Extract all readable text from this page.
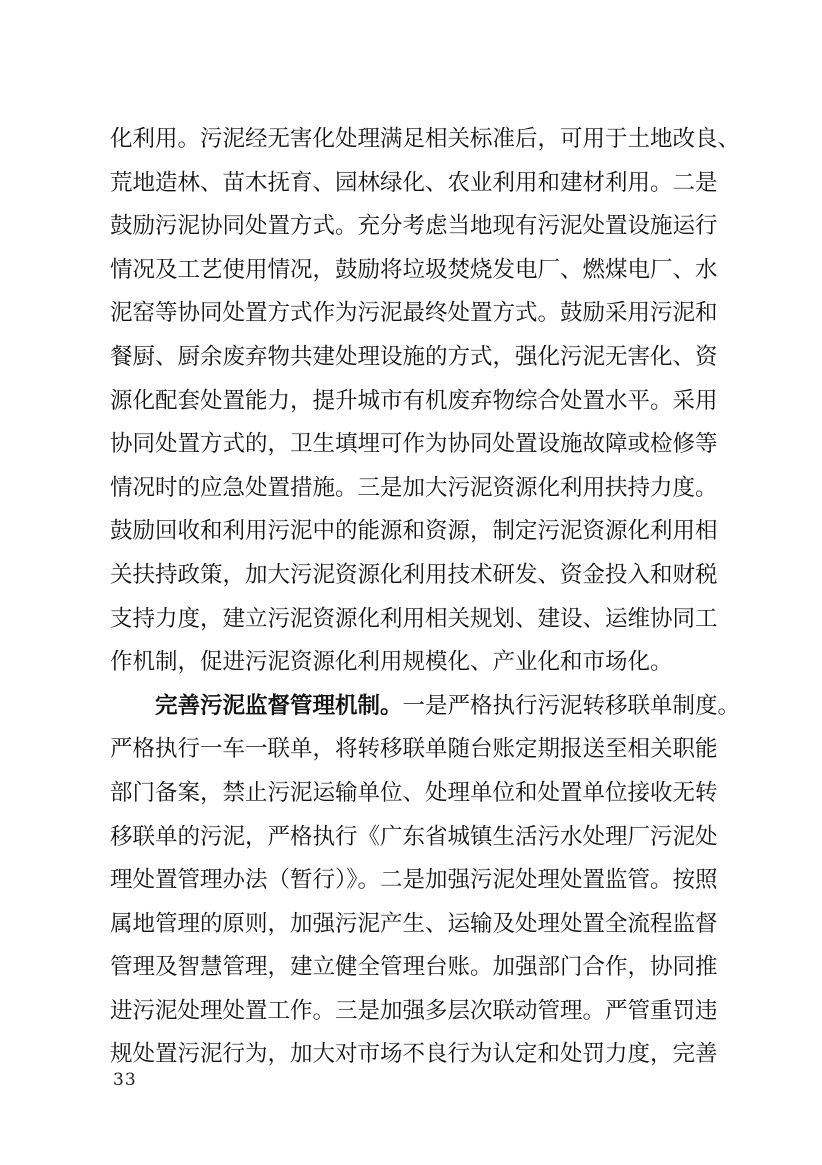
化利用。污泥经无害化处理满足相关标准后，可用于土地改良、
荒地造林、苗木抚育、园林绿化、农业利用和建材利用。二是
鼓励污泥协同处置方式。充分考虑当地现有污泥处置设施运行
情况及工艺使用情况，鼓励将垃圾焚烧发电厂、燃煤电厂、水
泥窑等协同处置方式作为污泥最终处置方式。鼓励采用污泥和
餐厨、厨余废弃物共建处理设施的方式，强化污泥无害化、资
源化配套处置能力，提升城市有机废弃物综合处置水平。采用
协同处置方式的，卫生填埋可作为协同处置设施故障或检修等
情况时的应急处置措施。三是加大污泥资源化利用扶持力度。
鼓励回收和利用污泥中的能源和资源，制定污泥资源化利用相
关扶持政策，加大污泥资源化利用技术研发、资金投入和财税
支持力度，建立污泥资源化利用相关规划、建设、运维协同工
作机制，促进污泥资源化利用规模化、产业化和市场化。
完善污泥监督管理机制。一是严格执行污泥转移联单制度。
严格执行一车一联单，将转移联单随台账定期报送至相关职能
部门备案，禁止污泥运输单位、处理单位和处置单位接收无转
移联单的污泥，严格执行《广东省城镇生活污水处理厂污泥处
理处置管理办法（暂行）》。二是加强污泥处理处置监管。按照
属地管理的原则，加强污泥产生、运输及处理处置全流程监督
管理及智慧管理，建立健全管理台账。加强部门合作，协同推
进污泥处理处置工作。三是加强多层次联动管理。严管重罚违
规处置污泥行为，加大对市场不良行为认定和处罚力度，完善
33
